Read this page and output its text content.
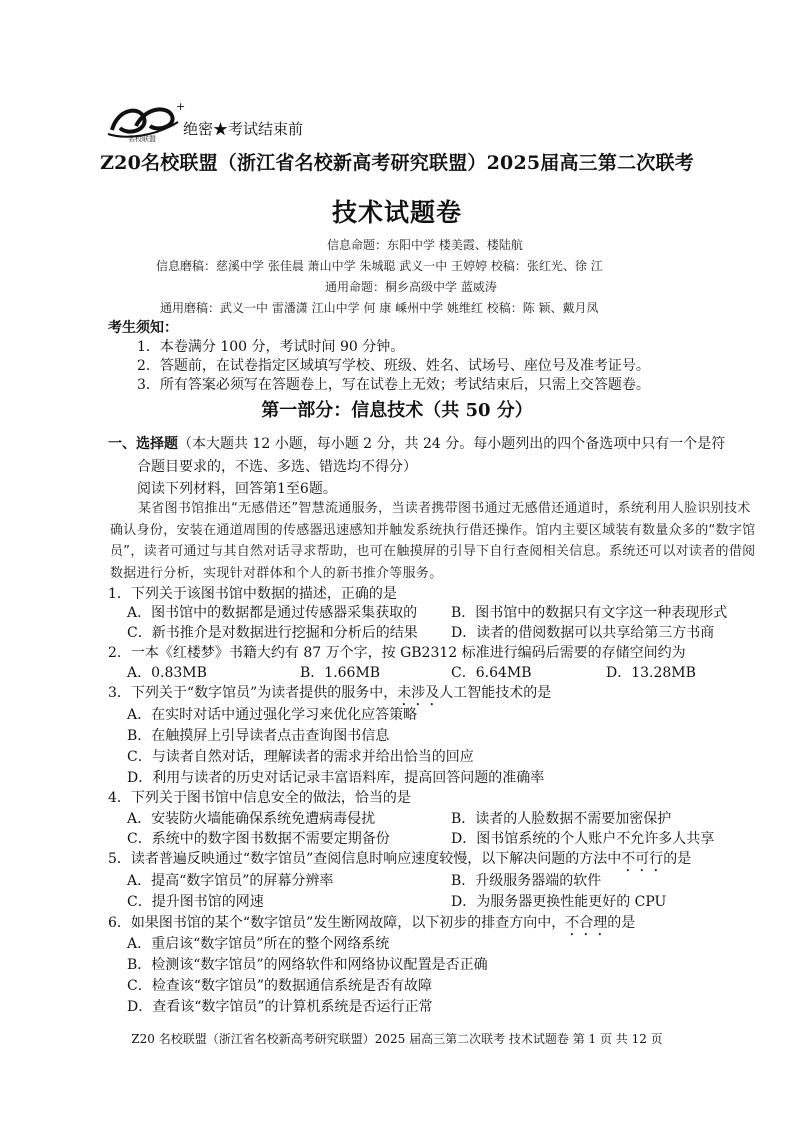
+
名校联盟
绝密★考试结束前
Z20名校联盟（浙江省名校新高考研究联盟）2025届高三第二次联考
技术试题卷
信息命题：东阳中学 楼美霞、楼陆航
信息磨稿：慈溪中学 张佳晨 萧山中学 朱城聪 武义一中 王婷婷 校稿：张红光、徐 江
通用命题：桐乡高级中学 蓝威涛
通用磨稿：武义一中 雷潘潇 江山中学 何 康 嵊州中学 姚维红 校稿：陈 颖、戴月凤
考生须知：
1．本卷满分 100 分，考试时间 90 分钟。
2．答题前，在试卷指定区域填写学校、班级、姓名、试场号、座位号及准考证号。
3．所有答案必须写在答题卷上，写在试卷上无效；考试结束后，只需上交答题卷。
第一部分：信息技术（共 50 分）
一、选择题（本大题共 12 小题，每小题 2 分，共 24 分。每小题列出的四个备选项中只有一个是符
合题目要求的，不选、多选、错选均不得分）
阅读下列材料，回答第1至6题。
某省图书馆推出“无感借还”智慧流通服务，当读者携带图书通过无感借还通道时，系统利用人脸识别技术确认身份，安装在通道周围的传感器迅速感知并触发系统执行借还操作。馆内主要区域装有数量众多的“数字馆员”，读者可通过与其自然对话寻求帮助，也可在触摸屏的引导下自行查阅相关信息。系统还可以对读者的借阅数据进行分析，实现针对群体和个人的新书推介等服务。
1．下列关于该图书馆中数据的描述，正确的是
A．图书馆中的数据都是通过传感器采集获取的 B．图书馆中的数据只有文字这一种表现形式
C．新书推介是对数据进行挖掘和分析后的结果 D．读者的借阅数据可以共享给第三方书商
2．一本《红楼梦》书籍大约有 87 万个字，按 GB2312 标准进行编码后需要的存储空间约为
A．0.83MB	B．1.66MB	C．6.64MB	D．13.28MB
3．下列关于“数字馆员”为读者提供的服务中，未涉及人工智能技术的是
A．在实时对话中通过强化学习来优化应答策略
B．在触摸屏上引导读者点击查询图书信息
C．与读者自然对话，理解读者的需求并给出恰当的回应
D．利用与读者的历史对话记录丰富语料库，提高回答问题的准确率
4．下列关于图书馆中信息安全的做法，恰当的是
A．安装防火墙能确保系统免遭病毒侵扰	B．读者的人脸数据不需要加密保护
C．系统中的数字图书数据不需要定期备份	D．图书馆系统的个人账户不允许多人共享
5．读者普遍反映通过“数字馆员”查阅信息时响应速度较慢，以下解决问题的方法中不可行的是
A．提高“数字馆员”的屏幕分辨率	B．升级服务器端的软件
C．提升图书馆的网速	D．为服务器更换性能更好的 CPU
6．如果图书馆的某个“数字馆员”发生断网故障，以下初步的排查方向中，不合理的是
A．重启该“数字馆员”所在的整个网络系统
B．检测该“数字馆员”的网络软件和网络协议配置是否正确
C．检查该“数字馆员”的数据通信系统是否有故障
D．查看该“数字馆员”的计算机系统是否运行正常
Z20 名校联盟（浙江省名校新高考研究联盟）2025 届高三第二次联考 技术试题卷 第 1 页 共 12 页
